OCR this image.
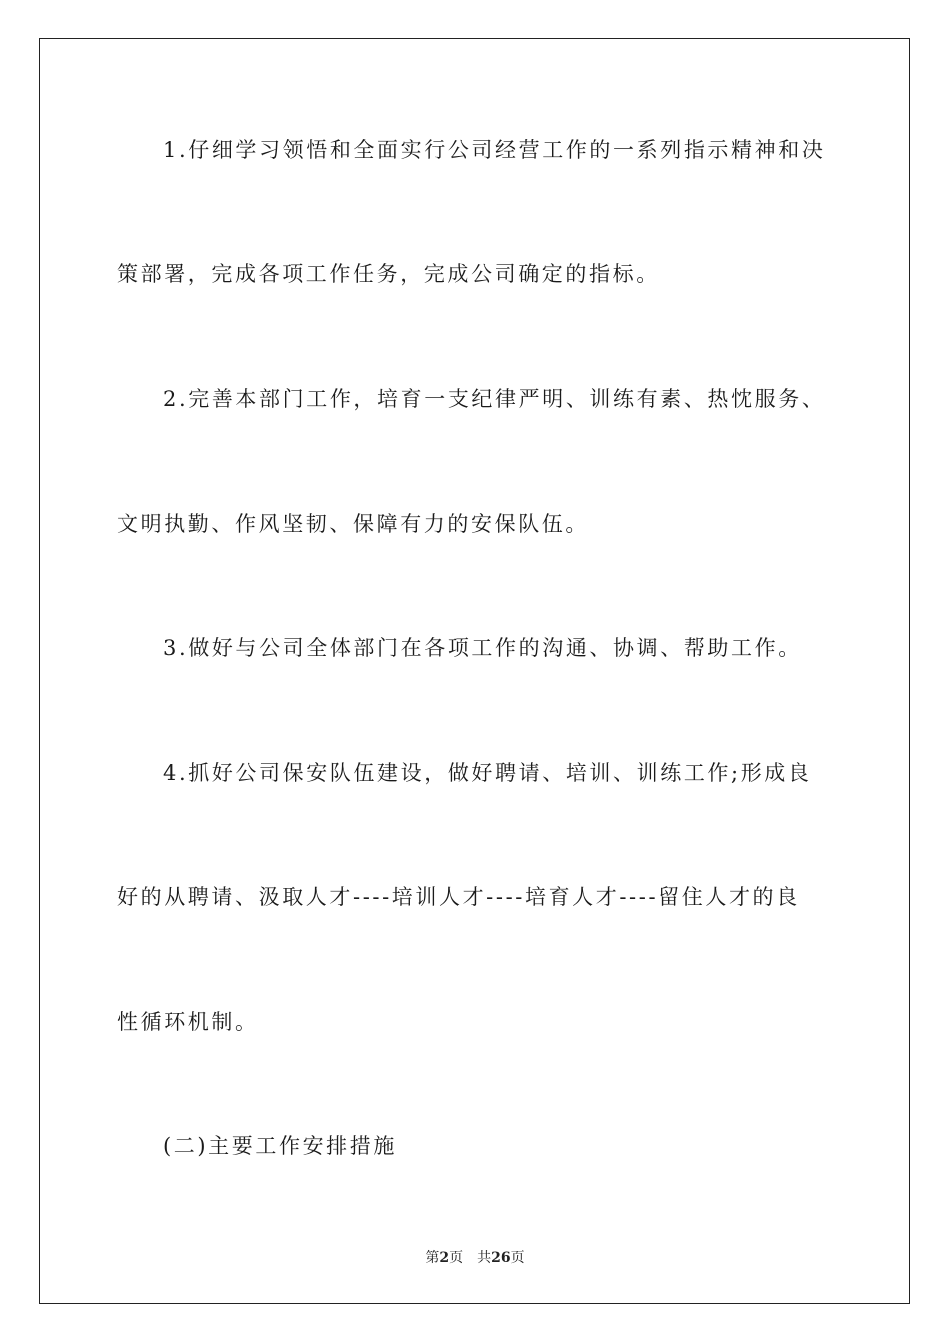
1.仔细学习领悟和全面实行公司经营工作的一系列指示精神和决
策部署，完成各项工作任务，完成公司确定的指标。
2.完善本部门工作，培育一支纪律严明、训练有素、热忱服务、
文明执勤、作风坚韧、保障有力的安保队伍。
3.做好与公司全体部门在各项工作的沟通、协调、帮助工作。
4.抓好公司保安队伍建设，做好聘请、培训、训练工作;形成良
好的从聘请、汲取人才----培训人才----培育人才----留住人才的良
性循环机制。
(二)主要工作安排措施
第2页 共26页
